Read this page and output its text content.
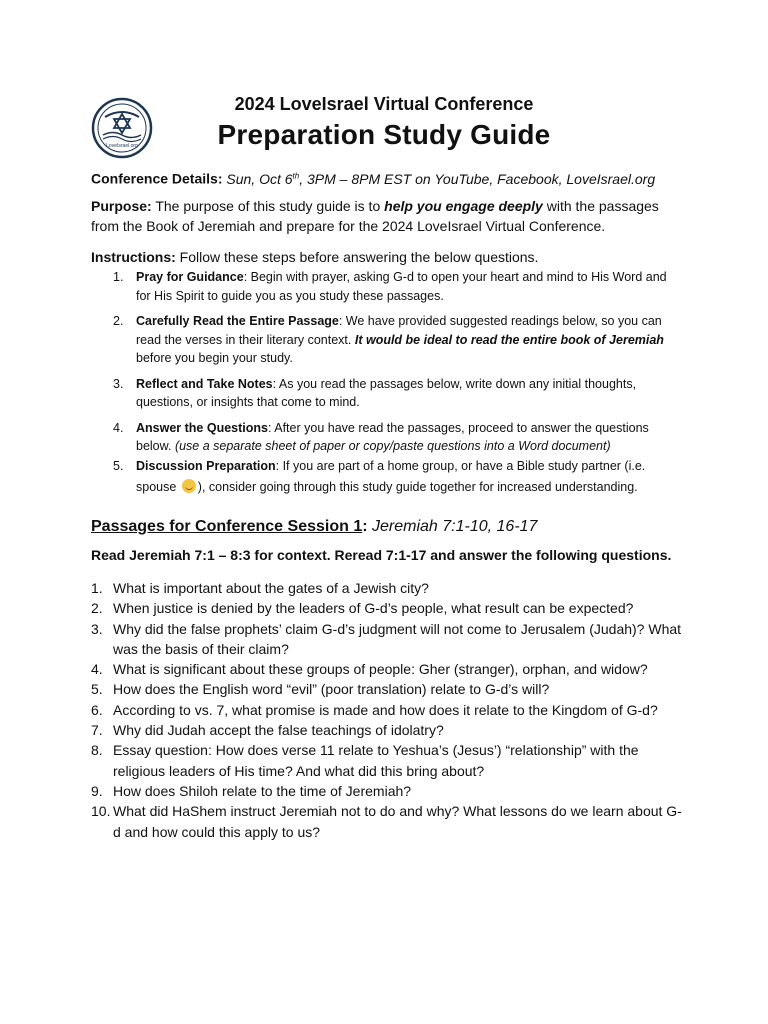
LoveIsrael.org
2024 LoveIsrael Virtual Conference
Preparation Study Guide
Conference Details: Sun, Oct 6th, 3PM – 8PM EST on YouTube, Facebook, LoveIsrael.org
Purpose: The purpose of this study guide is to help you engage deeply with the passages from the Book of Jeremiah and prepare for the 2024 LoveIsrael Virtual Conference.
Instructions: Follow these steps before answering the below questions.
1. Pray for Guidance: Begin with prayer, asking G-d to open your heart and mind to His Word and for His Spirit to guide you as you study these passages.
2. Carefully Read the Entire Passage: We have provided suggested readings below, so you can read the verses in their literary context. It would be ideal to read the entire book of Jeremiah before you begin your study.
3. Reflect and Take Notes: As you read the passages below, write down any initial thoughts, questions, or insights that come to mind.
4. Answer the Questions: After you have read the passages, proceed to answer the questions below. (use a separate sheet of paper or copy/paste questions into a Word document)
5. Discussion Preparation: If you are part of a home group, or have a Bible study partner (i.e. spouse ), consider going through this study guide together for increased understanding.
Passages for Conference Session 1: Jeremiah 7:1-10, 16-17
Read Jeremiah 7:1 – 8:3 for context. Reread 7:1-17 and answer the following questions.
1. What is important about the gates of a Jewish city?
2. When justice is denied by the leaders of G-d’s people, what result can be expected?
3. Why did the false prophets’ claim G-d’s judgment will not come to Jerusalem (Judah)? What was the basis of their claim?
4. What is significant about these groups of people: Gher (stranger), orphan, and widow?
5. How does the English word “evil” (poor translation) relate to G-d’s will?
6. According to vs. 7, what promise is made and how does it relate to the Kingdom of G-d?
7. Why did Judah accept the false teachings of idolatry?
8. Essay question: How does verse 11 relate to Yeshua’s (Jesus’) “relationship” with the religious leaders of His time? And what did this bring about?
9. How does Shiloh relate to the time of Jeremiah?
10. What did HaShem instruct Jeremiah not to do and why? What lessons do we learn about G-d and how could this apply to us?
